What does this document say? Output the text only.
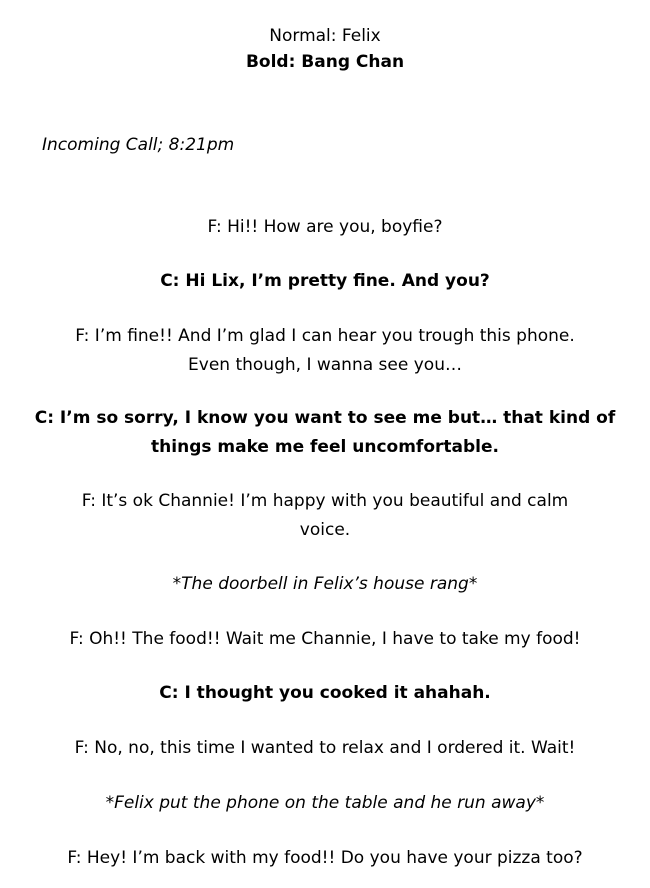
Normal: Felix
Bold: Bang Chan
Incoming Call; 8:21pm
F: Hi!! How are you, boyfie?
C: Hi Lix, I’m pretty fine. And you?
F: I’m fine!! And I’m glad I can hear you trough this phone.
Even though, I wanna see you…
C: I’m so sorry, I know you want to see me but… that kind of
things make me feel uncomfortable.
F: It’s ok Channie! I’m happy with you beautiful and calm
voice.
*The doorbell in Felix’s house rang*
F: Oh!! The food!! Wait me Channie, I have to take my food!
C: I thought you cooked it ahahah.
F: No, no, this time I wanted to relax and I ordered it. Wait!
*Felix put the phone on the table and he run away*
F: Hey! I’m back with my food!! Do you have your pizza too?
